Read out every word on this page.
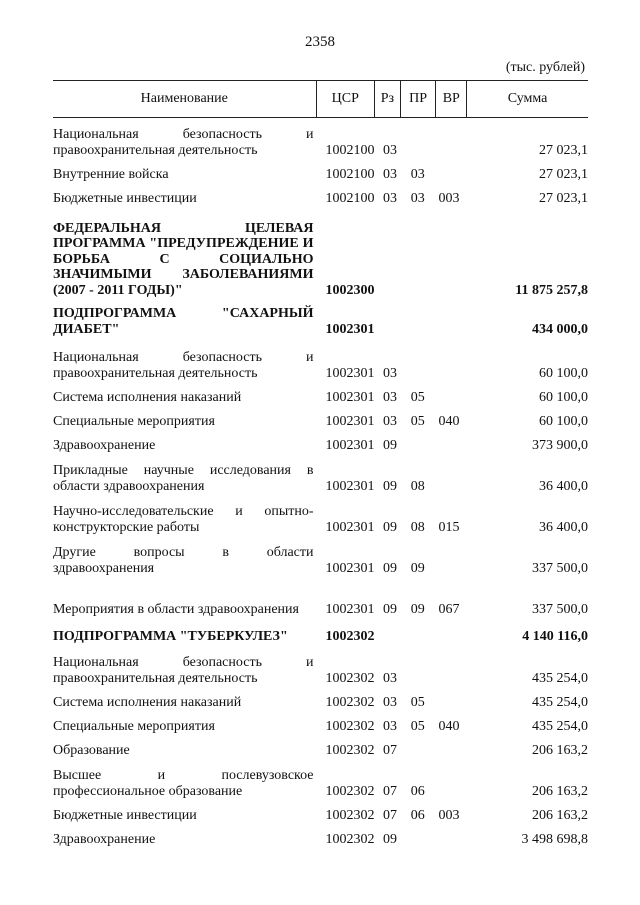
2358
(тыс. рублей)
Наименование	ЦСР	Рз	ПР	ВР	Сумма
Национальная безопасность и правоохранительная деятельность	1002100 03	27 023,1
Внутренние войска	1002100 03 03	27 023,1
Бюджетные инвестиции	1002100 03 03 003	27 023,1
ФЕДЕРАЛЬНАЯ ЦЕЛЕВАЯ ПРОГРАММА "ПРЕДУПРЕЖДЕНИЕ И БОРЬБА С СОЦИАЛЬНО ЗНАЧИМЫМИ ЗАБОЛЕВАНИЯМИ (2007 - 2011 ГОДЫ)"	1002300	11 875 257,8
ПОДПРОГРАММА "САХАРНЫЙ ДИАБЕТ"	1002301	434 000,0
Национальная безопасность и правоохранительная деятельность	1002301 03	60 100,0
Система исполнения наказаний	1002301 03 05	60 100,0
Специальные мероприятия	1002301 03 05 040	60 100,0
Здравоохранение	1002301 09	373 900,0
Прикладные научные исследования в области здравоохранения	1002301 09 08	36 400,0
Научно-исследовательские и опытно-конструкторские работы	1002301 09 08 015	36 400,0
Другие вопросы в области здравоохранения	1002301 09 09	337 500,0
Мероприятия в области здравоохранения	1002301 09 09 067	337 500,0
ПОДПРОГРАММА "ТУБЕРКУЛЕЗ"	1002302	4 140 116,0
Национальная безопасность и правоохранительная деятельность	1002302 03	435 254,0
Система исполнения наказаний	1002302 03 05	435 254,0
Специальные мероприятия	1002302 03 05 040	435 254,0
Образование	1002302 07	206 163,2
Высшее и послевузовское профессиональное образование	1002302 07 06	206 163,2
Бюджетные инвестиции	1002302 07 06 003	206 163,2
Здравоохранение	1002302 09	3 498 698,8
